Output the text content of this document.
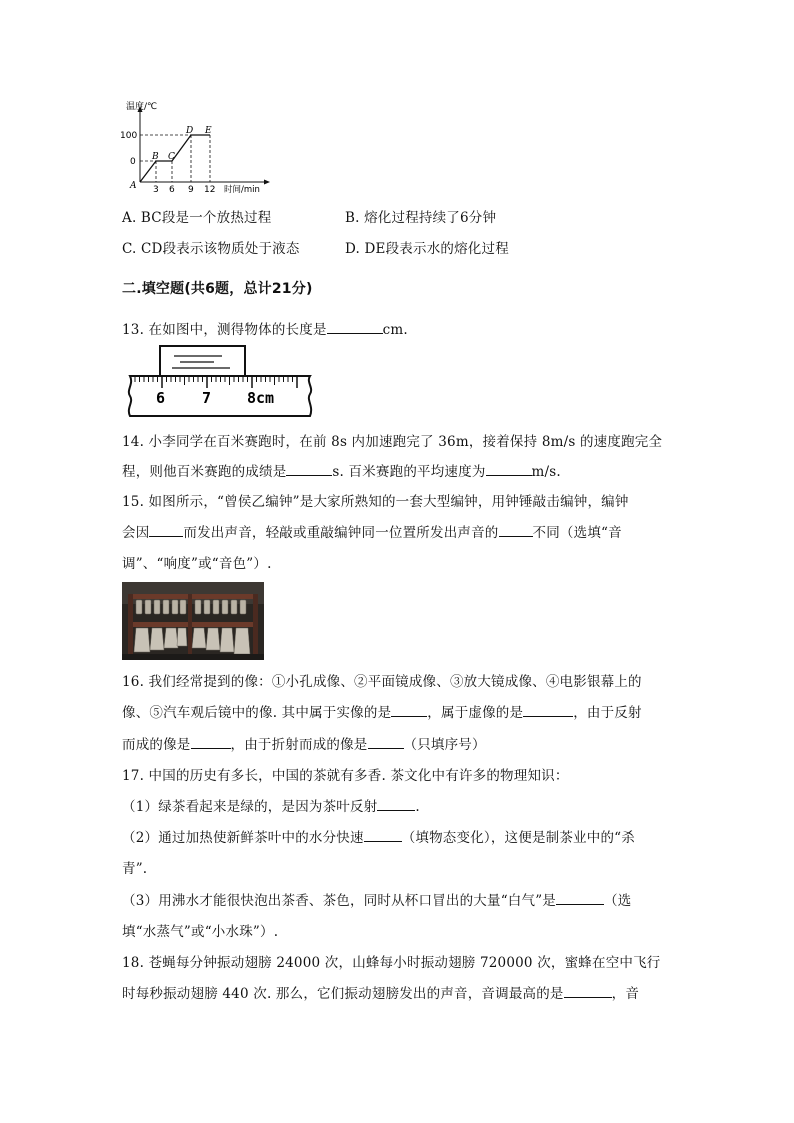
温度/℃
100
0
3 6 9 12 时间/min
A
B C
D E
A. BC段是一个放热过程	B. 熔化过程持续了6分钟
C. CD段表示该物质处于液态	D. DE段表示水的熔化过程
二.填空题(共6题，总计21分)
13. 在如图中，测得物体的长度是	cm.
6 7 8cm
14. 小李同学在百米赛跑时，在前 8s 内加速跑完了 36m，接着保持 8m/s 的速度跑完全
程，则他百米赛跑的成绩是	s. 百米赛跑的平均速度为	m/s.
15. 如图所示，“曾侯乙编钟”是大家所熟知的一套大型编钟，用钟锤敲击编钟，编钟
会因	而发出声音，轻敲或重敲编钟同一位置所发出声音的	不同（选填“音
调”、“响度”或“音色”）.
16. 我们经常提到的像：①小孔成像、②平面镜成像、③放大镜成像、④电影银幕上的
像、⑤汽车观后镜中的像. 其中属于实像的是	，属于虚像的是	，由于反射
而成的像是	，由于折射而成的像是	（只填序号）
17. 中国的历史有多长，中国的茶就有多香. 茶文化中有许多的物理知识：
（1）绿茶看起来是绿的，是因为茶叶反射	.
（2）通过加热使新鲜茶叶中的水分快速	（填物态变化），这便是制茶业中的“杀
青”.
（3）用沸水才能很快泡出茶香、茶色，同时从杯口冒出的大量“白气”是	（选
填“水蒸气”或“小水珠”）.
18. 苍蝇每分钟振动翅膀 24000 次，山蜂每小时振动翅膀 720000 次，蜜蜂在空中飞行
时每秒振动翅膀 440 次. 那么，它们振动翅膀发出的声音，音调最高的是	，音
